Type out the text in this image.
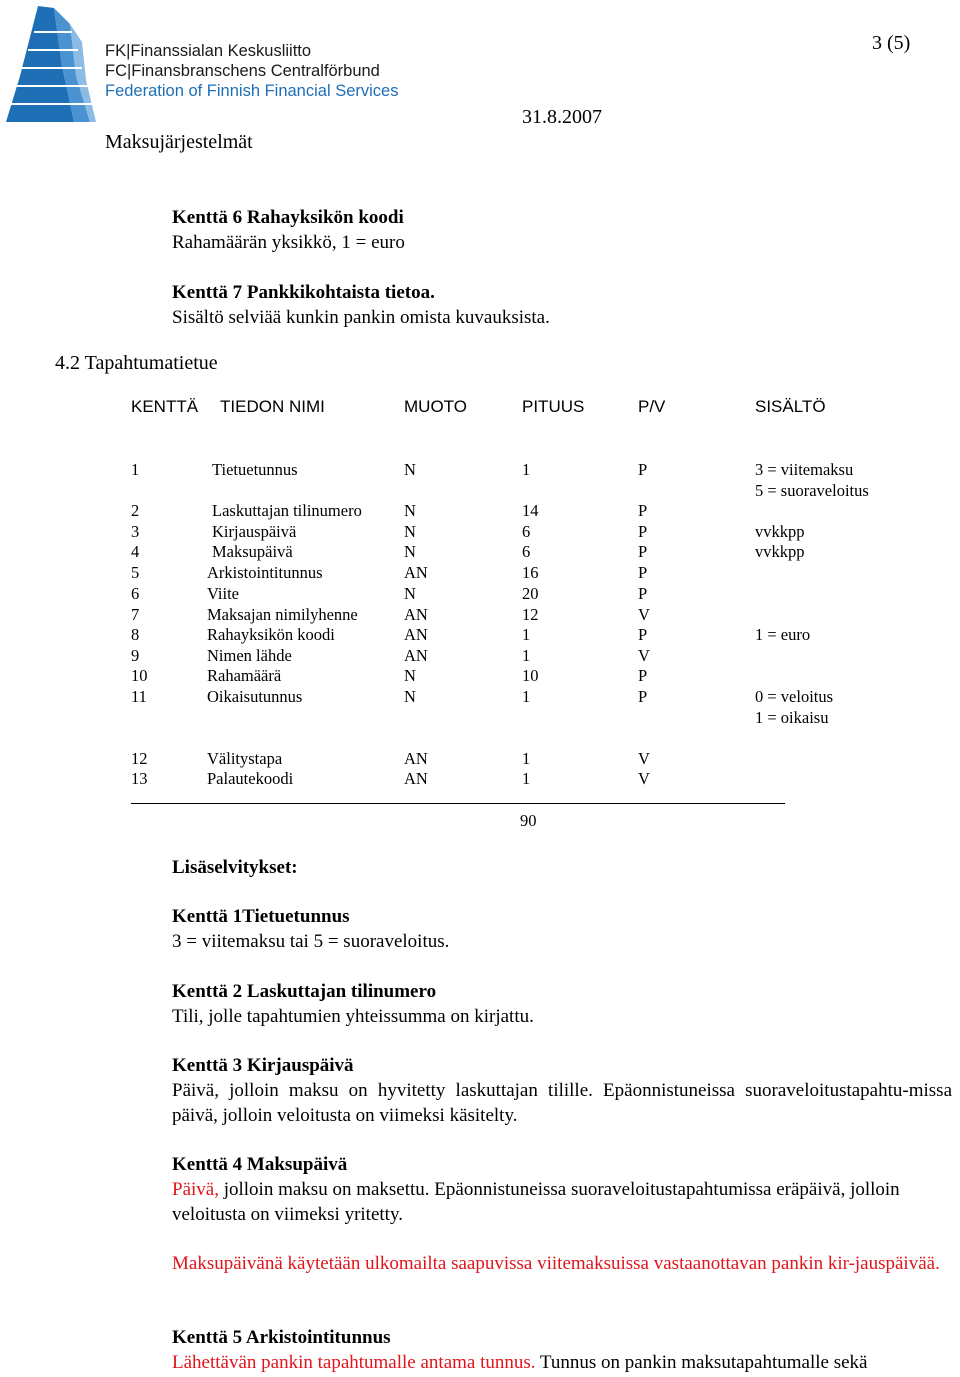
FK|Finanssialan Keskusliitto
FC|Finansbranschens Centralförbund
Federation of Finnish Financial Services
3 (5)
31.8.2007
Maksujärjestelmät
Kenttä 6 Rahayksikön koodi
Rahamäärän yksikkö, 1 = euro
Kenttä 7 Pankkikohtaista tietoa.
Sisältö selviää kunkin pankin omista kuvauksista.
4.2 Tapahtumatietue
KENTTÄ TIEDON NIMI	MUOTO	PITUUS	P/V	SISÄLTÖ
1	Tietuetunnus	N	1	P	3 = viitemaksu
5 = suoraveloitus
2	Laskuttajan tilinumero	N	14	P
3	Kirjauspäivä	N	6	P	vvkkpp
4	Maksupäivä	N	6	P	vvkkpp
5	Arkistointitunnus	AN	16	P
6	Viite	N	20	P
7	Maksajan nimilyhenne	AN	12	V
8	Rahayksikön koodi	AN	1	P	1 = euro
9	Nimen lähde	AN	1	V
10	Rahamäärä	N	10	P
11	Oikaisutunnus	N	1	P	0 = veloitus
1 = oikaisu
12	Välitystapa	AN	1	V
13	Palautekoodi	AN	1	V
90
Lisäselvitykset:
Kenttä 1Tietuetunnus
3 = viitemaksu tai 5 = suoraveloitus.
Kenttä 2 Laskuttajan tilinumero
Tili, jolle tapahtumien yhteissumma on kirjattu.
Kenttä 3 Kirjauspäivä
Päivä, jolloin maksu on hyvitetty laskuttajan tilille. Epäonnistuneissa suoraveloitustapahtu-missa päivä, jolloin veloitusta on viimeksi käsitelty.
Kenttä 4 Maksupäivä
Päivä, jolloin maksu on maksettu. Epäonnistuneissa suoraveloitustapahtumissa eräpäivä, jolloin veloitusta on viimeksi yritetty.
Maksupäivänä käytetään ulkomailta saapuvissa viitemaksuissa vastaanottavan pankin kir-jauspäivää.
Kenttä 5 Arkistointitunnus
Lähettävän pankin tapahtumalle antama tunnus. Tunnus on pankin maksutapahtumalle sekä
